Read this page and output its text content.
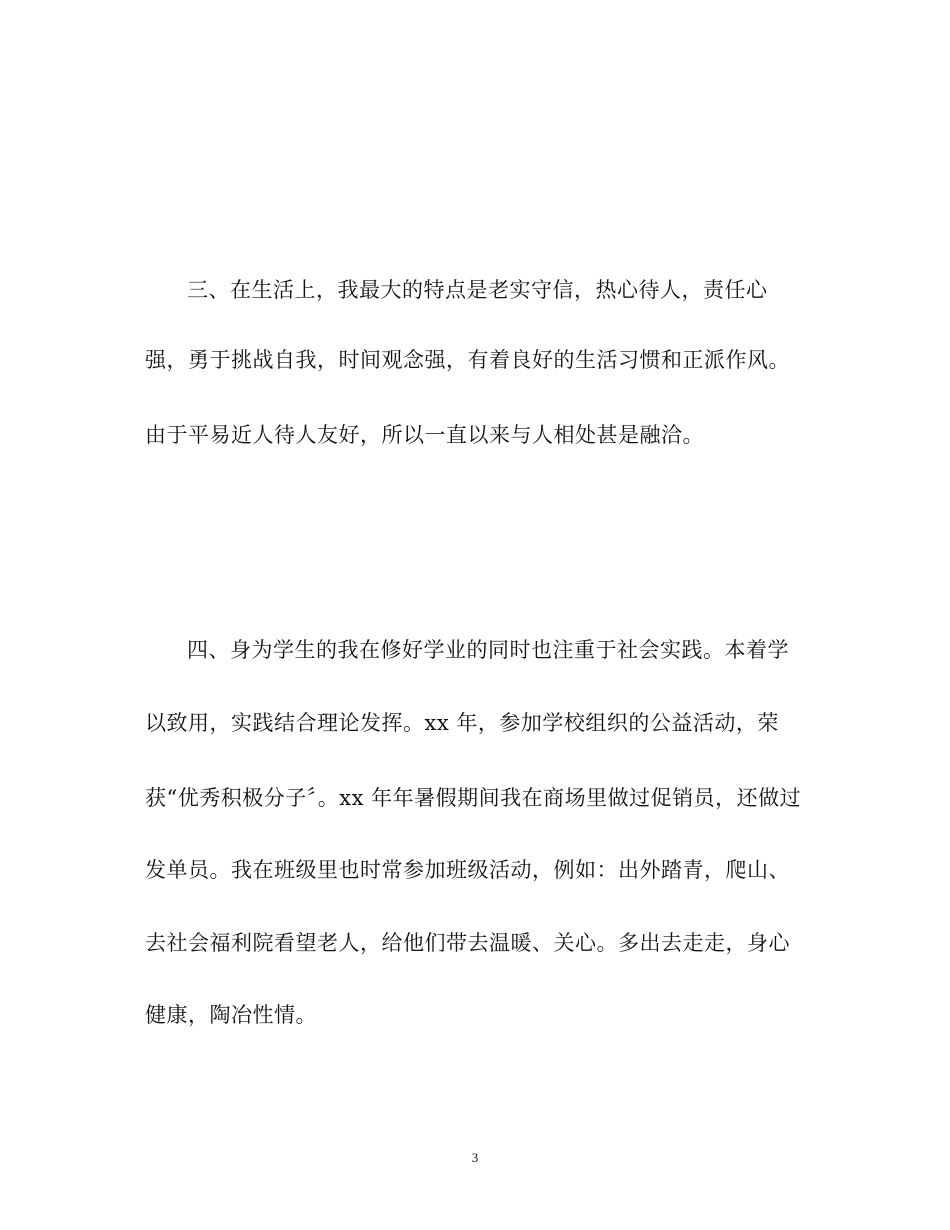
三、在生活上，我最大的特点是老实守信，热心待人，责任心
强，勇于挑战自我，时间观念强，有着良好的生活习惯和正派作风。
由于平易近人待人友好，所以一直以来与人相处甚是融洽。
四、身为学生的我在修好学业的同时也注重于社会实践。本着学
以致用，实践结合理论发挥。xx 年，参加学校组织的公益活动，荣
获“优秀积极分子〞。xx 年年暑假期间我在商场里做过促销员，还做过
发单员。我在班级里也时常参加班级活动，例如：出外踏青，爬山、
去社会福利院看望老人，给他们带去温暖、关心。多出去走走，身心
健康，陶冶性情。
3
